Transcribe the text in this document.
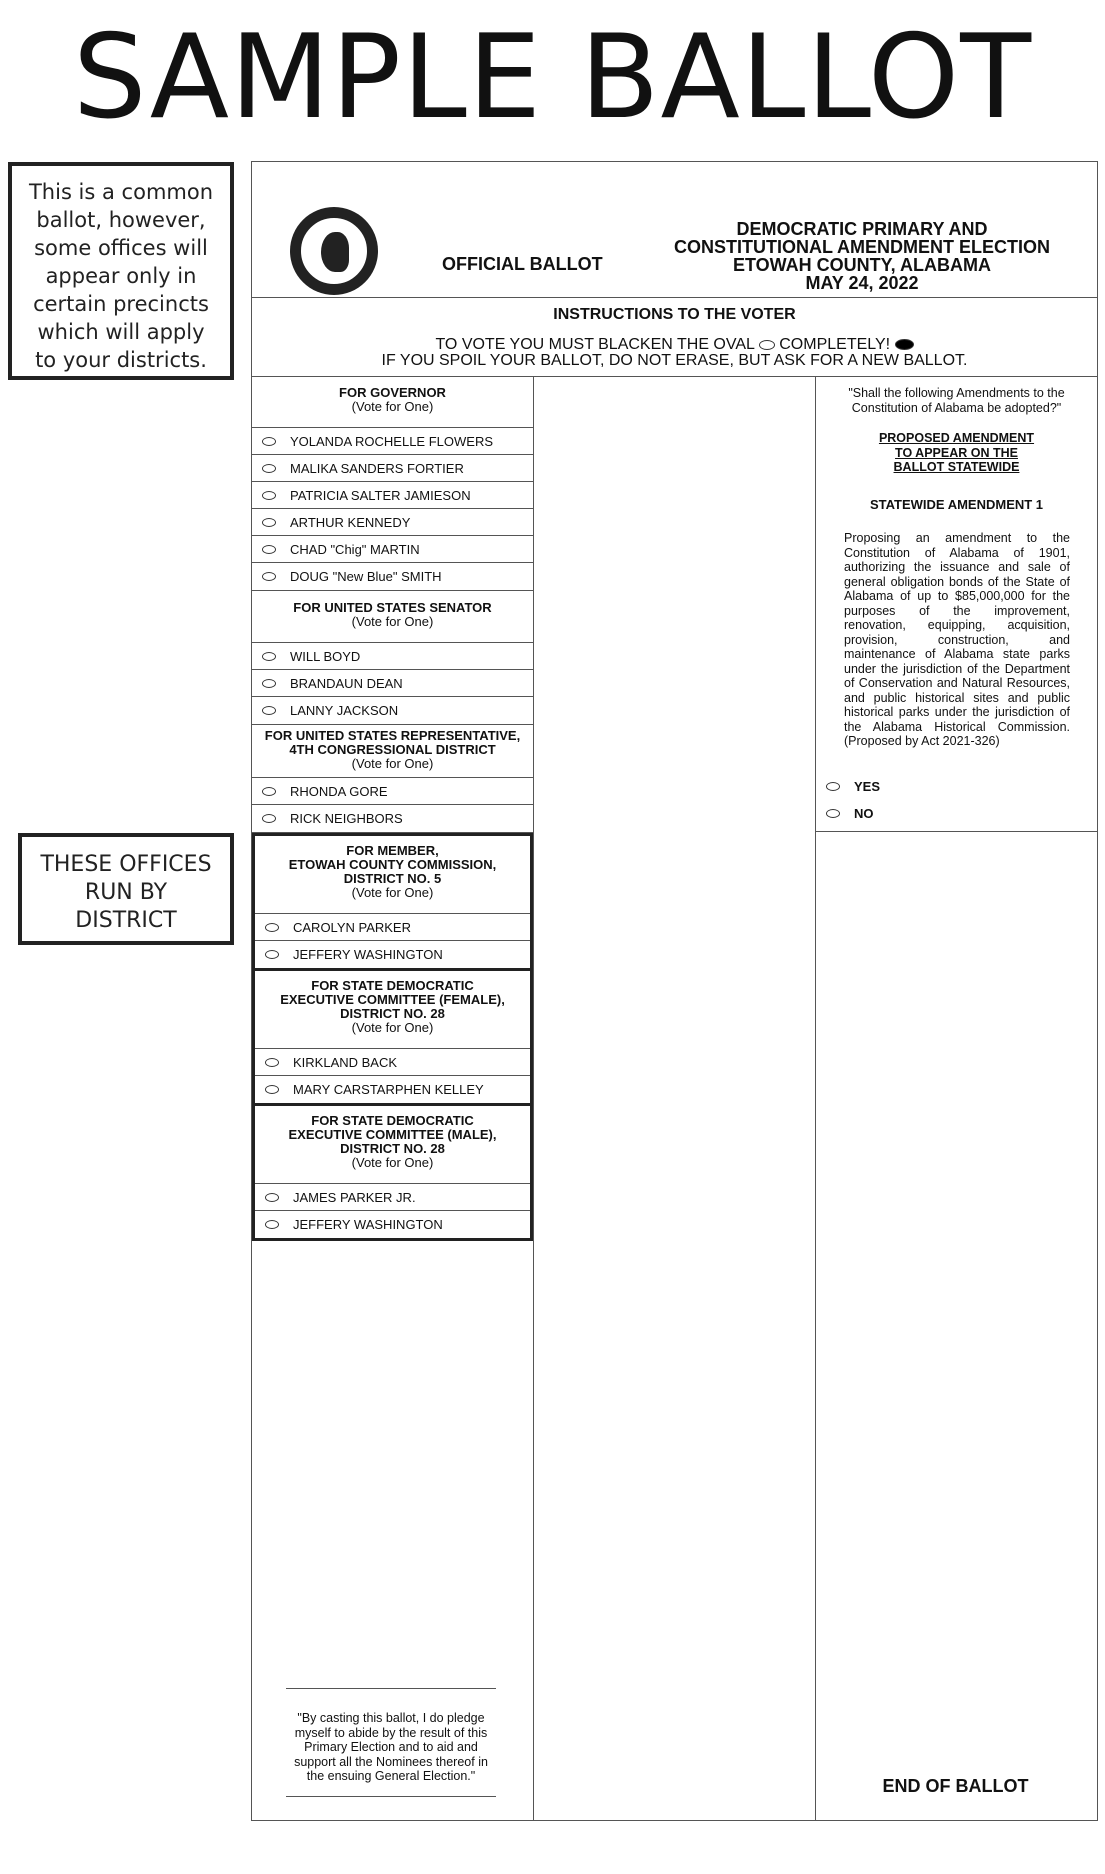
SAMPLE BALLOT
This is a common
ballot, however,
some offices will
appear only in
certain precincts
which will apply
to your districts.
THESE OFFICES
RUN BY
DISTRICT
OFFICIAL BALLOT
DEMOCRATIC PRIMARY AND
CONSTITUTIONAL AMENDMENT ELECTION
ETOWAH COUNTY, ALABAMA
MAY 24, 2022
INSTRUCTIONS TO THE VOTER
TO VOTE YOU MUST BLACKEN THE OVAL COMPLETELY!
IF YOU SPOIL YOUR BALLOT, DO NOT ERASE, BUT ASK FOR A NEW BALLOT.
FOR GOVERNOR
(Vote for One)
YOLANDA ROCHELLE FLOWERS
MALIKA SANDERS FORTIER
PATRICIA SALTER JAMIESON
ARTHUR KENNEDY
CHAD "Chig" MARTIN
DOUG "New Blue" SMITH
FOR UNITED STATES SENATOR
(Vote for One)
WILL BOYD
BRANDAUN DEAN
LANNY JACKSON
FOR UNITED STATES REPRESENTATIVE,
4TH CONGRESSIONAL DISTRICT
(Vote for One)
RHONDA GORE
RICK NEIGHBORS
FOR MEMBER,
ETOWAH COUNTY COMMISSION,
DISTRICT NO. 5
(Vote for One)
CAROLYN PARKER
JEFFERY WASHINGTON
FOR STATE DEMOCRATIC
EXECUTIVE COMMITTEE (FEMALE),
DISTRICT NO. 28
(Vote for One)
KIRKLAND BACK
MARY CARSTARPHEN KELLEY
FOR STATE DEMOCRATIC
EXECUTIVE COMMITTEE (MALE),
DISTRICT NO. 28
(Vote for One)
JAMES PARKER JR.
JEFFERY WASHINGTON
"Shall the following Amendments to the
Constitution of Alabama be adopted?"
PROPOSED AMENDMENT
TO APPEAR ON THE
BALLOT STATEWIDE
STATEWIDE AMENDMENT 1
Proposing an amendment to the Constitution of Alabama of 1901, authorizing the issuance and sale of general obligation bonds of the State of Alabama of up to $85,000,000 for the purposes of the improvement, renovation, equipping, acquisition, provision, construction, and maintenance of Alabama state parks under the jurisdiction of the Department of Conservation and Natural Resources, and public historical sites and public historical parks under the jurisdiction of the Alabama Historical Commission. (Proposed by Act 2021-326)
YES
NO
"By casting this ballot, I do pledge
myself to abide by the result of this
Primary Election and to aid and
support all the Nominees thereof in
the ensuing General Election."	END OF BALLOT
